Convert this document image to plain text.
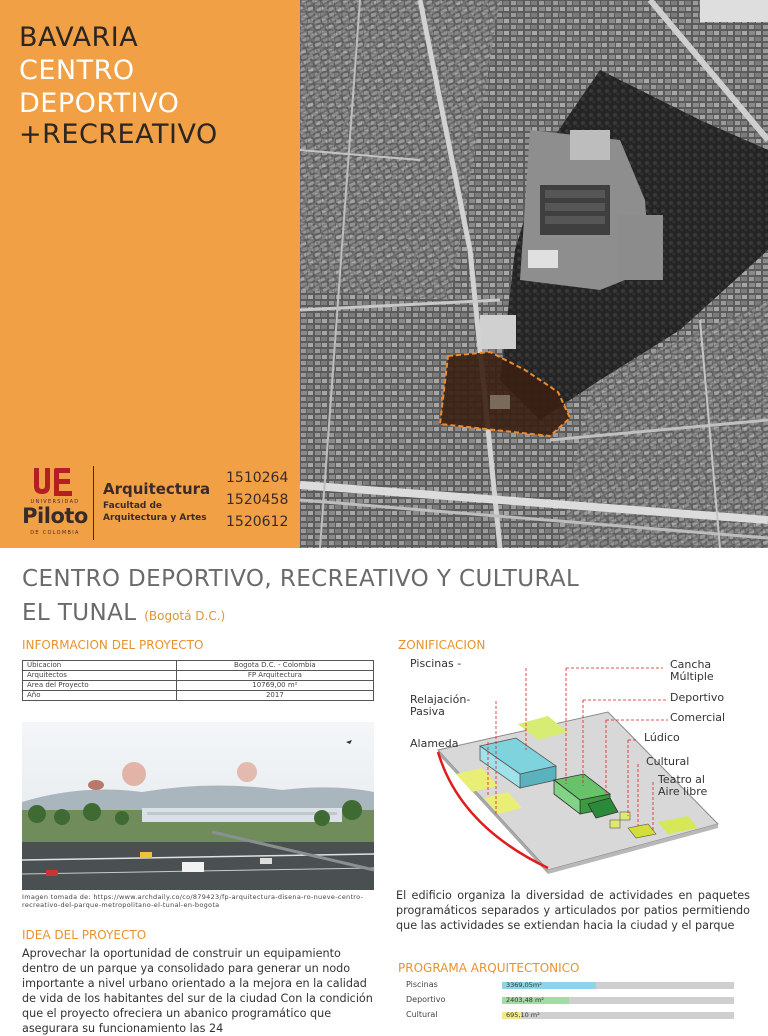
BAVARIA
CENTRO
DEPORTIVO
+RECREATIVO
UNIVERSIDAD
Piloto
DE COLOMBIA
Arquitectura
Facultad de Arquitectura y Artes
1510264
1520458
1520612
CENTRO DEPORTIVO, RECREATIVO Y CULTURAL
EL TUNAL (Bogotá D.C.)
INFORMACION DEL PROYECTO
Ubicacion	Bogota D.C. - Colombia
Arquitectos	FP Arquitectura
Area del Proyecto	10769,00 m²
Año	2017
Imagen tomada de: https://www.archdaily.co/co/879423/fp-arquitectura-disena-ro-nueve-centro-recreativo-del-parque-metropolitano-el-tunal-en-bogota
IDEA DEL PROYECTO
Aprovechar la oportunidad de construir un equipamiento dentro de un parque ya consolidado para generar un nodo importante a nivel urbano orientado a la mejora en la calidad de vida de los habitantes del sur de la ciudad Con la condición que el proyecto ofreciera un abanico programático que asegurara su funcionamiento las 24
ZONIFICACION
Piscinas -
Relajación-
Pasiva
Alameda
Cancha
Múltiple
Deportivo
Comercial
Lúdico
Cultural
Teatro al
Aire libre
El edificio organiza la diversidad de actividades en paquetes programáticos separados y articulados por patios permitiendo que las actividades se extiendan hacia la ciudad y el parque
PROGRAMA ARQUITECTONICO
Piscinas	3369,05m²
Deportivo	2403,48 m²
Cultural	695,10 m²
